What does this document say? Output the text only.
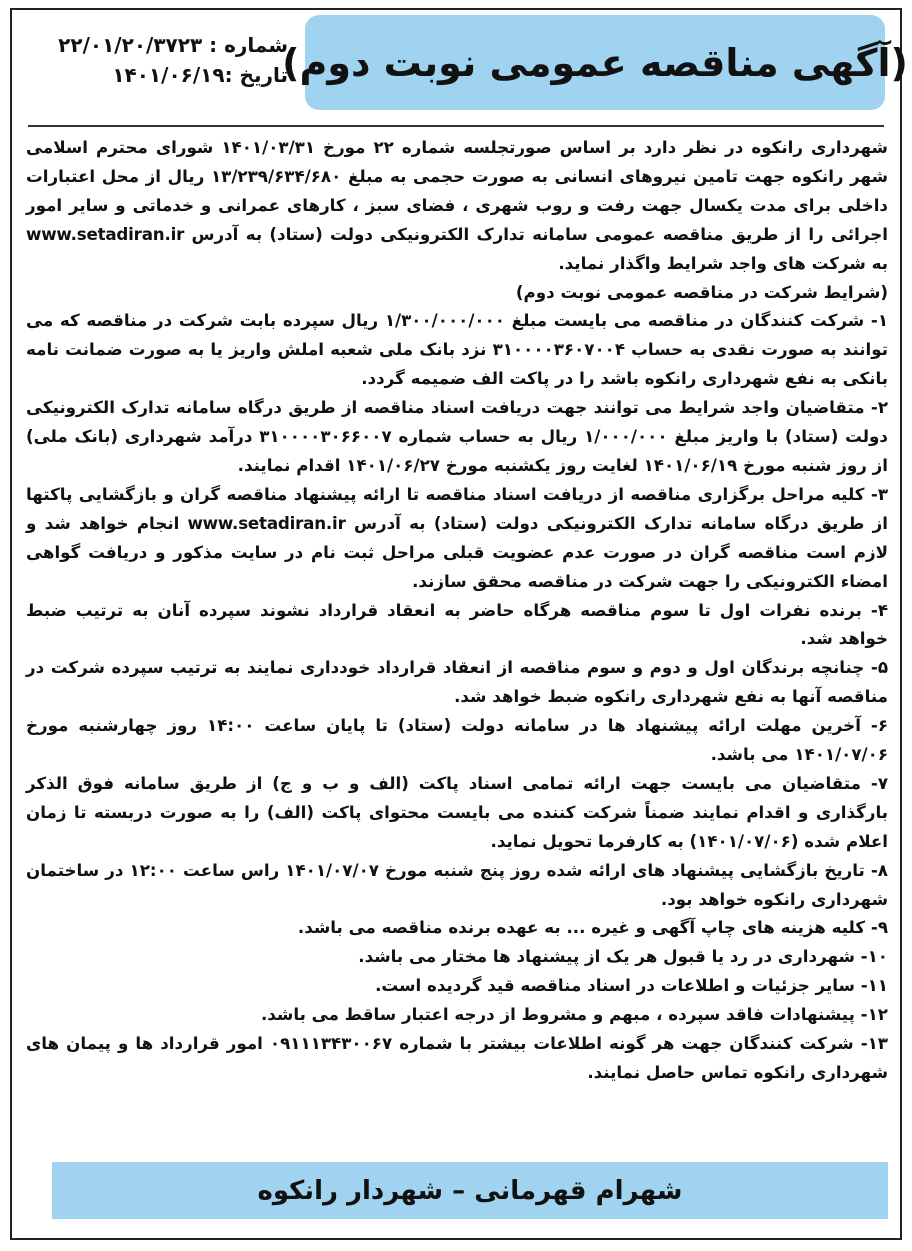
(آگهی مناقصه عمومی نوبت دوم)
شماره : ۲۲/۰۱/۲۰/۳۷۲۳
تاریخ :۱۴۰۱/۰۶/۱۹

شهرداری رانکوه در نظر دارد بر اساس صورتجلسه شماره ۲۲ مورخ ۱۴۰۱/۰۳/۳۱ شورای محترم اسلامی شهر رانکوه جهت تامین نیروهای انسانی به صورت حجمی به مبلغ ۱۳/۲۳۹/۶۳۴/۶۸۰ ریال از محل اعتبارات داخلی برای مدت یکسال جهت رفت و روب شهری ، فضای سبز ، کارهای عمرانی و خدماتی و سایر امور اجرائی را از طریق مناقصه عمومی سامانه تدارک الکترونیکی دولت (ستاد) به آدرس www.setadiran.ir به شرکت های واجد شرایط واگذار نماید.

(شرایط شرکت در مناقصه عمومی نوبت دوم)

۱- شرکت کنندگان در مناقصه می بایست مبلغ ۱/۳۰۰/۰۰۰/۰۰۰ ریال سپرده بابت شرکت در مناقصه که می توانند به صورت نقدی به حساب ۳۱۰۰۰۰۳۶۰۷۰۰۴ نزد بانک ملی شعبه املش واریز یا به صورت ضمانت نامه بانکی به نفع شهرداری رانکوه باشد را در پاکت الف ضمیمه گردد.

۲- متقاضیان واجد شرایط می توانند جهت دریافت اسناد مناقصه از طریق درگاه سامانه تدارک الکترونیکی دولت (ستاد) با واریز مبلغ ۱/۰۰۰/۰۰۰ ریال به حساب شماره ۳۱۰۰۰۰۳۰۶۶۰۰۷ درآمد شهرداری (بانک ملی) از روز شنبه مورخ ۱۴۰۱/۰۶/۱۹ لغایت روز یکشنبه مورخ ۱۴۰۱/۰۶/۲۷ اقدام نمایند.

۳- کلیه مراحل برگزاری مناقصه از دریافت اسناد مناقصه تا ارائه پیشنهاد مناقصه گران و بازگشایی پاکتها از طریق درگاه سامانه تدارک الکترونیکی دولت (ستاد) به آدرس www.setadiran.ir انجام خواهد شد و لازم است مناقصه گران در صورت عدم عضویت قبلی مراحل ثبت نام در سایت مذکور و دریافت گواهی امضاء الکترونیکی را جهت شرکت در مناقصه محقق سازند.

۴- برنده نفرات اول تا سوم مناقصه هرگاه حاضر به انعقاد قرارداد نشوند سپرده آنان به ترتیب ضبط خواهد شد.

۵- چنانچه برندگان اول و دوم و سوم مناقصه از انعقاد قرارداد خودداری نمایند به ترتیب سپرده شرکت در مناقصه آنها به نفع شهرداری رانکوه ضبط خواهد شد.

۶- آخرین مهلت ارائه پیشنهاد ها در سامانه دولت (ستاد) تا پایان ساعت ۱۴:۰۰ روز چهارشنبه مورخ ۱۴۰۱/۰۷/۰۶ می باشد.

۷- متقاضیان می بایست جهت ارائه تمامی اسناد پاکت (الف و ب و ج) از طریق سامانه فوق الذکر بارگذاری و اقدام نمایند ضمناً شرکت کننده می بایست محتوای پاکت (الف) را به صورت دربسته تا زمان اعلام شده (۱۴۰۱/۰۷/۰۶) به کارفرما تحویل نماید.

۸- تاریخ بازگشایی پیشنهاد های ارائه شده روز پنج شنبه مورخ ۱۴۰۱/۰۷/۰۷ راس ساعت ۱۲:۰۰ در ساختمان شهرداری رانکوه خواهد بود.

۹- کلیه هزینه های چاپ آگهی و غیره ... به عهده برنده مناقصه می باشد.

۱۰- شهرداری در رد یا قبول هر یک از پیشنهاد ها مختار می باشد.

۱۱- سایر جزئیات و اطلاعات در اسناد مناقصه قید گردیده است.

۱۲- پیشنهادات فاقد سپرده ، مبهم و مشروط از درجه اعتبار ساقط می باشد.

۱۳- شرکت کنندگان جهت هر گونه اطلاعات بیشتر با شماره ۰۹۱۱۱۳۴۳۰۰۶۷ امور قرارداد ها و پیمان های شهرداری رانکوه تماس حاصل نمایند.

شهرام قهرمانی – شهردار رانکوه
